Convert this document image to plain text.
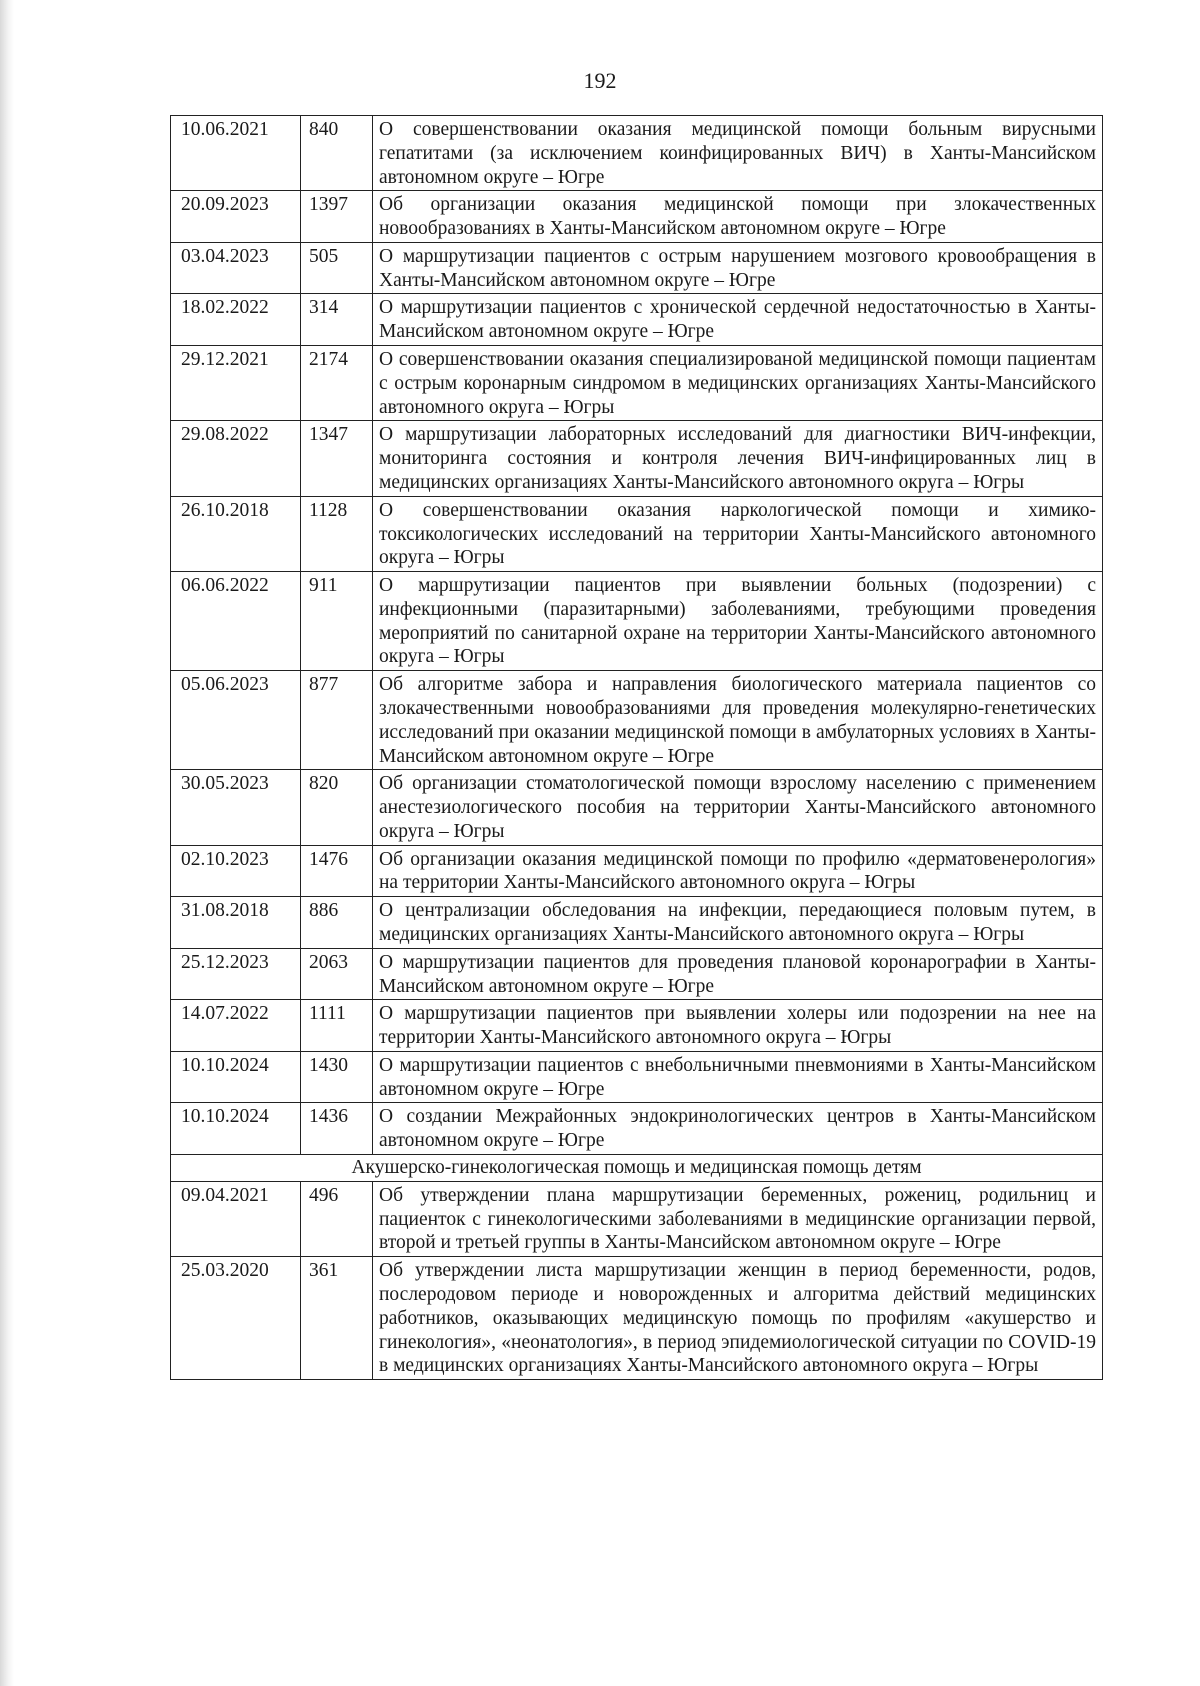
192
10.06.2021	840	О совершенствовании оказания медицинской помощи больным вирусными гепатитами (за исключением коинфицированных ВИЧ) в Ханты-Мансийском автономном округе – Югре
20.09.2023	1397	Об организации оказания медицинской помощи при злокачественных новообразованиях в Ханты-Мансийском автономном округе – Югре
03.04.2023	505	О маршрутизации пациентов с острым нарушением мозгового кровообращения в Ханты-Мансийском автономном округе – Югре
18.02.2022	314	О маршрутизации пациентов с хронической сердечной недостаточностью в Ханты-Мансийском автономном округе – Югре
29.12.2021	2174	О совершенствовании оказания специализированой медицинской помощи пациентам с острым коронарным синдромом в медицинских организациях Ханты-Мансийского автономного округа – Югры
29.08.2022	1347	О маршрутизации лабораторных исследований для диагностики ВИЧ-инфекции, мониторинга состояния и контроля лечения ВИЧ-инфицированных лиц в медицинских организациях Ханты-Мансийского автономного округа – Югры
26.10.2018	1128	О совершенствовании оказания наркологической помощи и химико-токсикологических исследований на территории Ханты-Мансийского автономного округа – Югры
06.06.2022	911	О маршрутизации пациентов при выявлении больных (подозрении) с инфекционными (паразитарными) заболеваниями, требующими проведения мероприятий по санитарной охране на территории Ханты-Мансийского автономного округа – Югры
05.06.2023	877	Об алгоритме забора и направления биологического материала пациентов со злокачественными новообразованиями для проведения молекулярно-генетических исследований при оказании медицинской помощи в амбулаторных условиях в Ханты-Мансийском автономном округе – Югре
30.05.2023	820	Об организации стоматологической помощи взрослому населению с применением анестезиологического пособия на территории Ханты-Мансийского автономного округа – Югры
02.10.2023	1476	Об организации оказания медицинской помощи по профилю «дерматовенерология» на территории Ханты-Мансийского автономного округа – Югры
31.08.2018	886	О централизации обследования на инфекции, передающиеся половым путем, в медицинских организациях Ханты-Мансийского автономного округа – Югры
25.12.2023	2063	О маршрутизации пациентов для проведения плановой коронарографии в Ханты-Мансийском автономном округе – Югре
14.07.2022	1111	О маршрутизации пациентов при выявлении холеры или подозрении на нее на территории Ханты-Мансийского автономного округа – Югры
10.10.2024	1430	О маршрутизации пациентов с внебольничными пневмониями в Ханты-Мансийском автономном округе – Югре
10.10.2024	1436	О создании Межрайонных эндокринологических центров в Ханты-Мансийском автономном округе – Югре
Акушерско-гинекологическая помощь и медицинская помощь детям		
09.04.2021	496	Об утверждении плана маршрутизации беременных, рожениц, родильниц и пациенток с гинекологическими заболеваниями в медицинские организации первой, второй и третьей группы в Ханты-Мансийском автономном округе – Югре
25.03.2020	361	Об утверждении листа маршрутизации женщин в период беременности, родов, послеродовом периоде и новорожденных и алгоритма действий медицинских работников, оказывающих медицинскую помощь по профилям «акушерство и гинекология», «неонатология», в период эпидемиологической ситуации по COVID-19 в медицинских организациях Ханты-Мансийского автономного округа – Югры
